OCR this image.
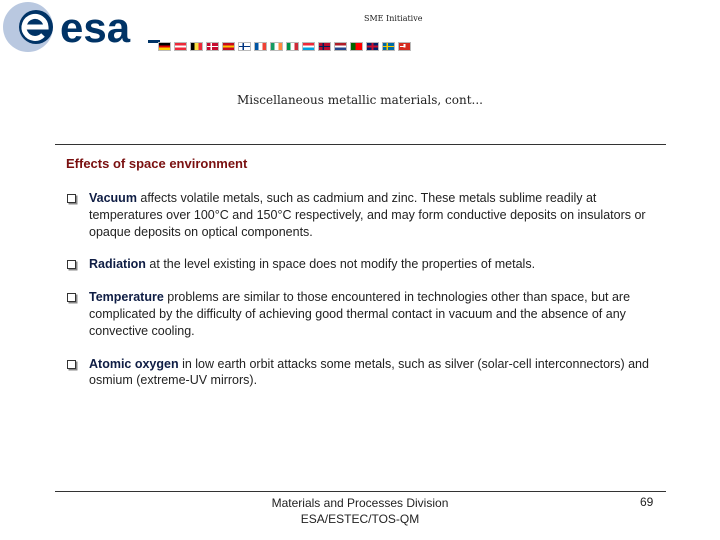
esa	SME Initiative
Miscellaneous metallic materials, cont...
Effects of space environment
Vacuum affects volatile metals, such as cadmium and zinc. These metals sublime readily at temperatures over 100°C and 150°C respectively, and may form conductive deposits on insulators or opaque deposits on optical components.
Radiation at the level existing in space does not modify the properties of metals.
Temperature problems are similar to those encountered in technologies other than space, but are complicated by the difficulty of achieving good thermal contact in vacuum and the absence of any convective cooling.
Atomic oxygen in low earth orbit attacks some metals, such as silver (solar-cell interconnectors) and osmium (extreme-UV mirrors).
Materials and Processes Division
ESA/ESTEC/TOS-QM
69
